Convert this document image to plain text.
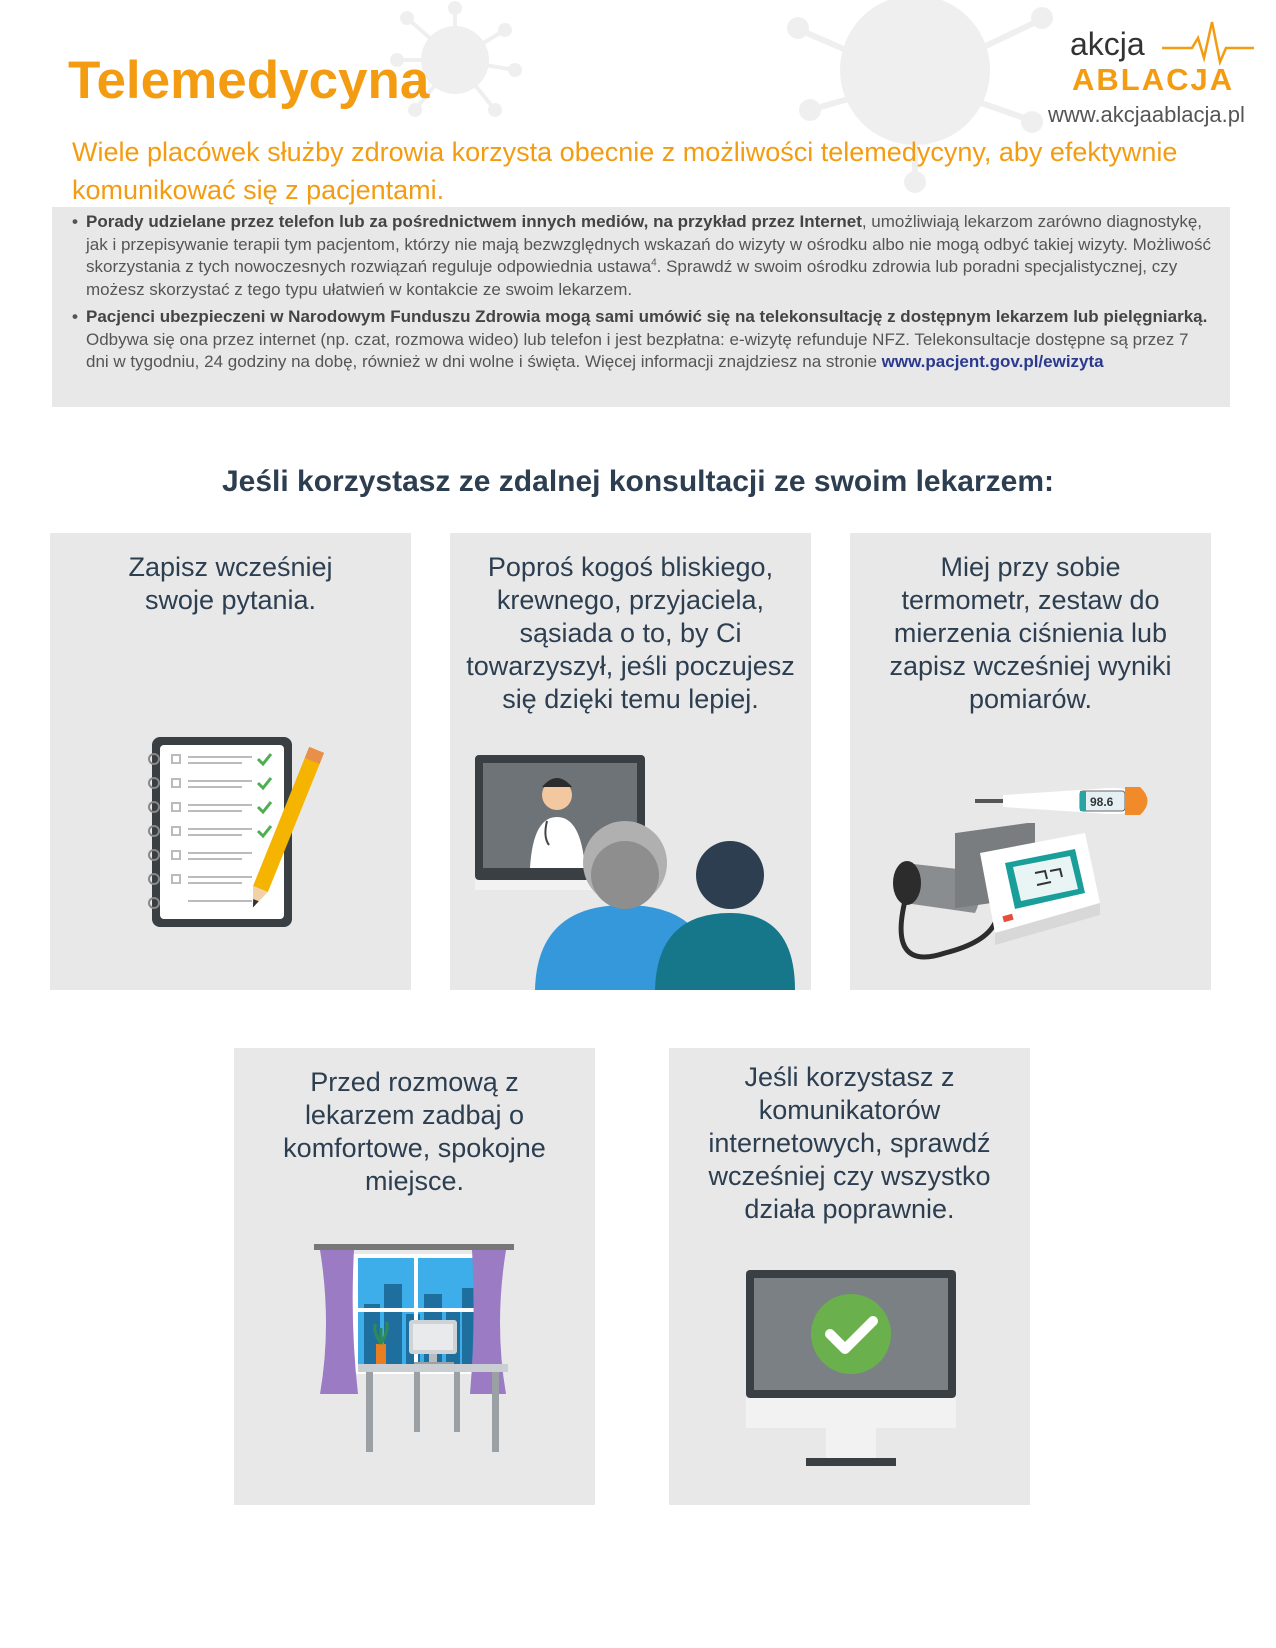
Telemedycyna
akcja
ABLACJA
www.akcjaablacja.pl

Wiele placówek służby zdrowia korzysta obecnie z możliwości telemedycyny, aby efektywnie komunikować się z pacjentami.

• Porady udzielane przez telefon lub za pośrednictwem innych mediów, na przykład przez Internet, umożliwiają lekarzom zarówno diagnostykę, jak i przepisywanie terapii tym pacjentom, którzy nie mają bezwzględnych wskazań do wizyty w ośrodku albo nie mogą odbyć takiej wizyty. Możliwość skorzystania z tych nowoczesnych rozwiązań reguluje odpowiednia ustawa$^4$. Sprawdź w swoim ośrodku zdrowia lub poradni specjalistycznej, czy możesz skorzystać z tego typu ułatwień w kontakcie ze swoim lekarzem.

• Pacjenci ubezpieczeni w Narodowym Funduszu Zdrowia mogą sami umówić się na telekonsultację z dostępnym lekarzem lub pielęgniarką. Odbywa się ona przez internet (np. czat, rozmowa wideo) lub telefon i jest bezpłatna: e-wizytę refunduje NFZ. Telekonsultacje dostępne są przez 7 dni w tygodniu, 24 godziny na dobę, również w dni wolne i święta. Więcej informacji znajdziesz na stronie www.pacjent.gov.pl/ewizyta

Jeśli korzystasz ze zdalnej konsultacji ze swoim lekarzem:

Zapisz wcześniej swoje pytania.

Poproś kogoś bliskiego, krewnego, przyjaciela, sąsiada o to, by Ci towarzyszył, jeśli poczujesz się dzięki temu lepiej.

Miej przy sobie termometr, zestaw do mierzenia ciśnienia lub zapisz wcześniej wyniki pomiarów.

98.6

Przed rozmową z lekarzem zadbaj o komfortowe, spokojne miejsce.

Jeśli korzystasz z komunikatorów internetowych, sprawdź wcześniej czy wszystko działa poprawnie.
